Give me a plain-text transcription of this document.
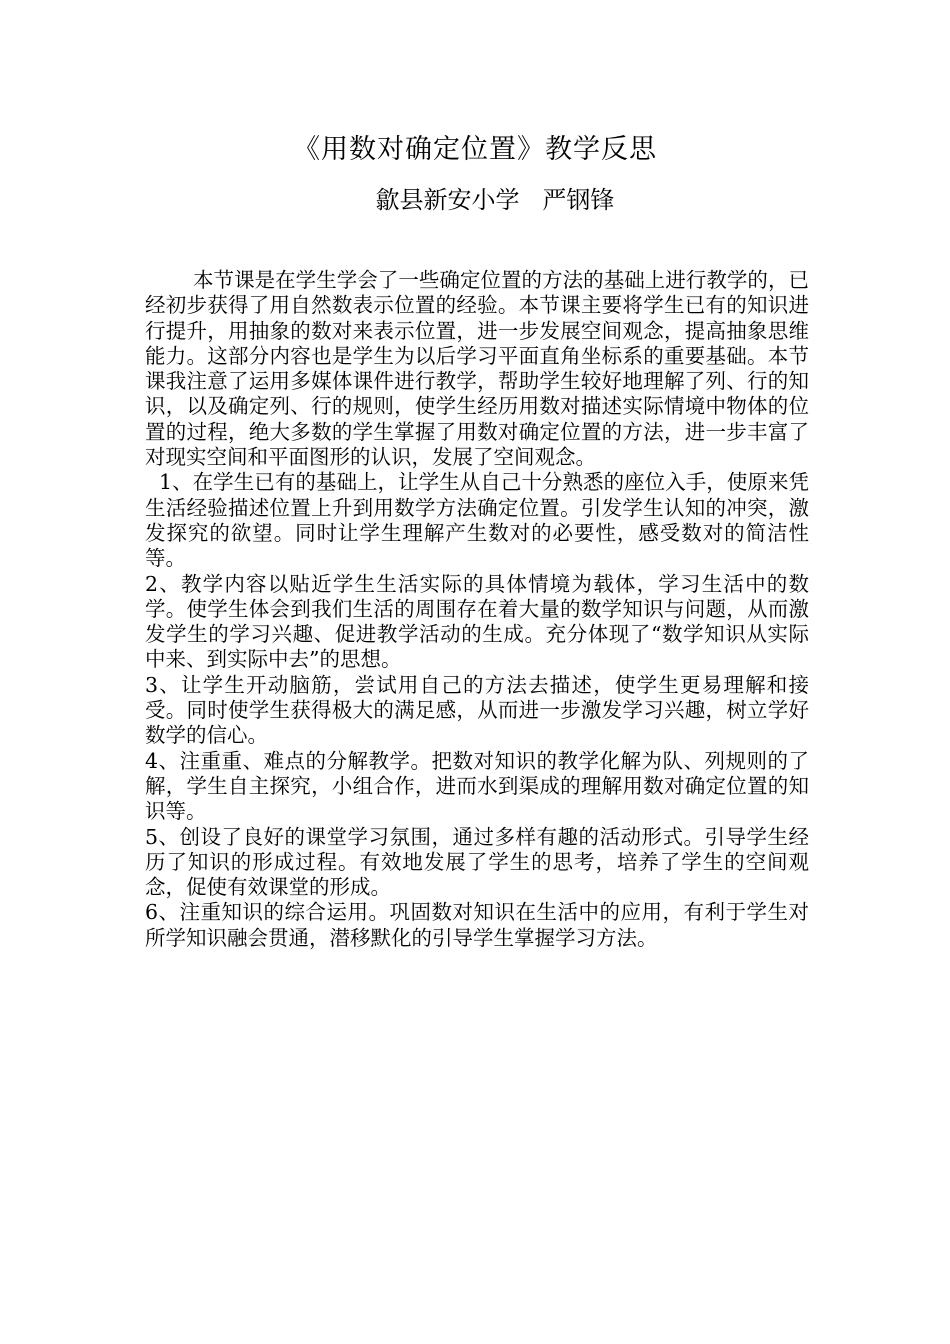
《用数对确定位置》教学反思
歙县新安小学   严钢锋

本节课是在学生学会了一些确定位置的方法的基础上进行教学的，已经初步获得了用自然数表示位置的经验。本节课主要将学生已有的知识进行提升，用抽象的数对来表示位置，进一步发展空间观念，提高抽象思维能力。这部分内容也是学生为以后学习平面直角坐标系的重要基础。本节课我注意了运用多媒体课件进行教学，帮助学生较好地理解了列、行的知识，以及确定列、行的规则，使学生经历用数对描述实际情境中物体的位置的过程，绝大多数的学生掌握了用数对确定位置的方法，进一步丰富了对现实空间和平面图形的认识，发展了空间观念。

1、在学生已有的基础上，让学生从自己十分熟悉的座位入手，使原来凭生活经验描述位置上升到用数学方法确定位置。引发学生认知的冲突，激发探究的欲望。同时让学生理解产生数对的必要性，感受数对的简洁性等。

2、教学内容以贴近学生生活实际的具体情境为载体，学习生活中的数学。使学生体会到我们生活的周围存在着大量的数学知识与问题，从而激发学生的学习兴趣、促进教学活动的生成。充分体现了“数学知识从实际中来、到实际中去”的思想。

3、让学生开动脑筋，尝试用自己的方法去描述，使学生更易理解和接受。同时使学生获得极大的满足感，从而进一步激发学习兴趣，树立学好数学的信心。

4、注重重、难点的分解教学。把数对知识的教学化解为队、列规则的了解，学生自主探究，小组合作，进而水到渠成的理解用数对确定位置的知识等。

5、创设了良好的课堂学习氛围，通过多样有趣的活动形式。引导学生经历了知识的形成过程。有效地发展了学生的思考，培养了学生的空间观念，促使有效课堂的形成。

6、注重知识的综合运用。巩固数对知识在生活中的应用，有利于学生对所学知识融会贯通，潜移默化的引导学生掌握学习方法。
